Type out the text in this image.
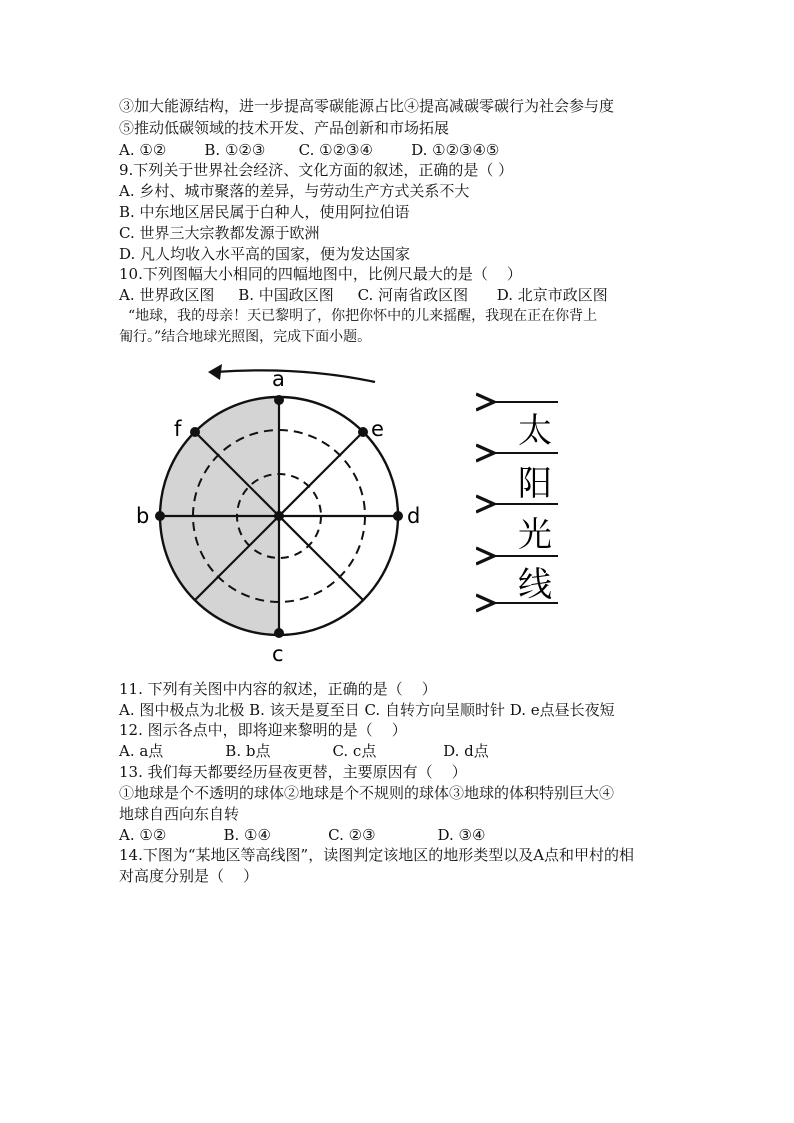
③加大能源结构，进一步提高零碳能源占比④提高减碳零碳行为社会参与度
⑤推动低碳领域的技术开发、产品创新和市场拓展
A. ①②        B. ①②③       C. ①②③④        D. ①②③④⑤
9.下列关于世界社会经济、文化方面的叙述，正确的是（ ）
A. 乡村、城市聚落的差异，与劳动生产方式关系不大
B. 中东地区居民属于白种人，使用阿拉伯语
C. 世界三大宗教都发源于欧洲
D. 凡人均收入水平高的国家，便为发达国家
10.下列图幅大小相同的四幅地图中，比例尺最大的是（    ）
A. 世界政区图     B. 中国政区图     C. 河南省政区图      D. 北京市政区图
“地球，我的母亲！天已黎明了，你把你怀中的儿来摇醒，我现在正在你背上
匍行。”结合地球光照图，完成下面小题。
a
f	e
b	d
c
太
阳
光
线
11. 下列有关图中内容的叙述，正确的是（    ）
A. 图中极点为北极 B. 该天是夏至日 C. 自转方向呈顺时针 D. e点昼长夜短
12. 图示各点中，即将迎来黎明的是（    ）
A. a点             B. b点             C. c点              D. d点
13. 我们每天都要经历昼夜更替，主要原因有（    ）
①地球是个不透明的球体②地球是个不规则的球体③地球的体积特别巨大④
地球自西向东自转
A. ①②            B. ①④            C. ②③             D. ③④
14.下图为“某地区等高线图”，读图判定该地区的地形类型以及A点和甲村的相
对高度分别是（    ）
